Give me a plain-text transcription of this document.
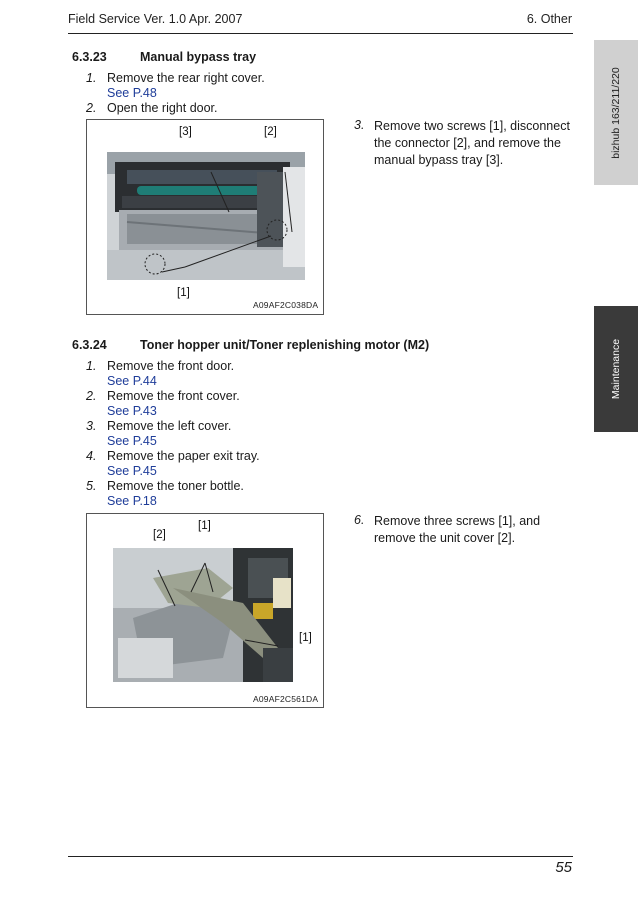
Field Service Ver. 1.0 Apr. 2007	6. Other
bizhub 163/211/220
Maintenance
6.3.23	Manual bypass tray
1. Remove the rear right cover.
See P.48
2. Open the right door.
[3]	[2]
[1]
A09AF2C038DA
3. Remove two screws [1], disconnect the connector [2], and remove the manual bypass tray [3].
6.3.24	Toner hopper unit/Toner replenishing motor (M2)
1. Remove the front door.
See P.44
2. Remove the front cover.
See P.43
3. Remove the left cover.
See P.45
4. Remove the paper exit tray.
See P.45
5. Remove the toner bottle.
See P.18
[2]
[1]
[1]
A09AF2C561DA
6. Remove three screws [1], and remove the unit cover [2].
55
